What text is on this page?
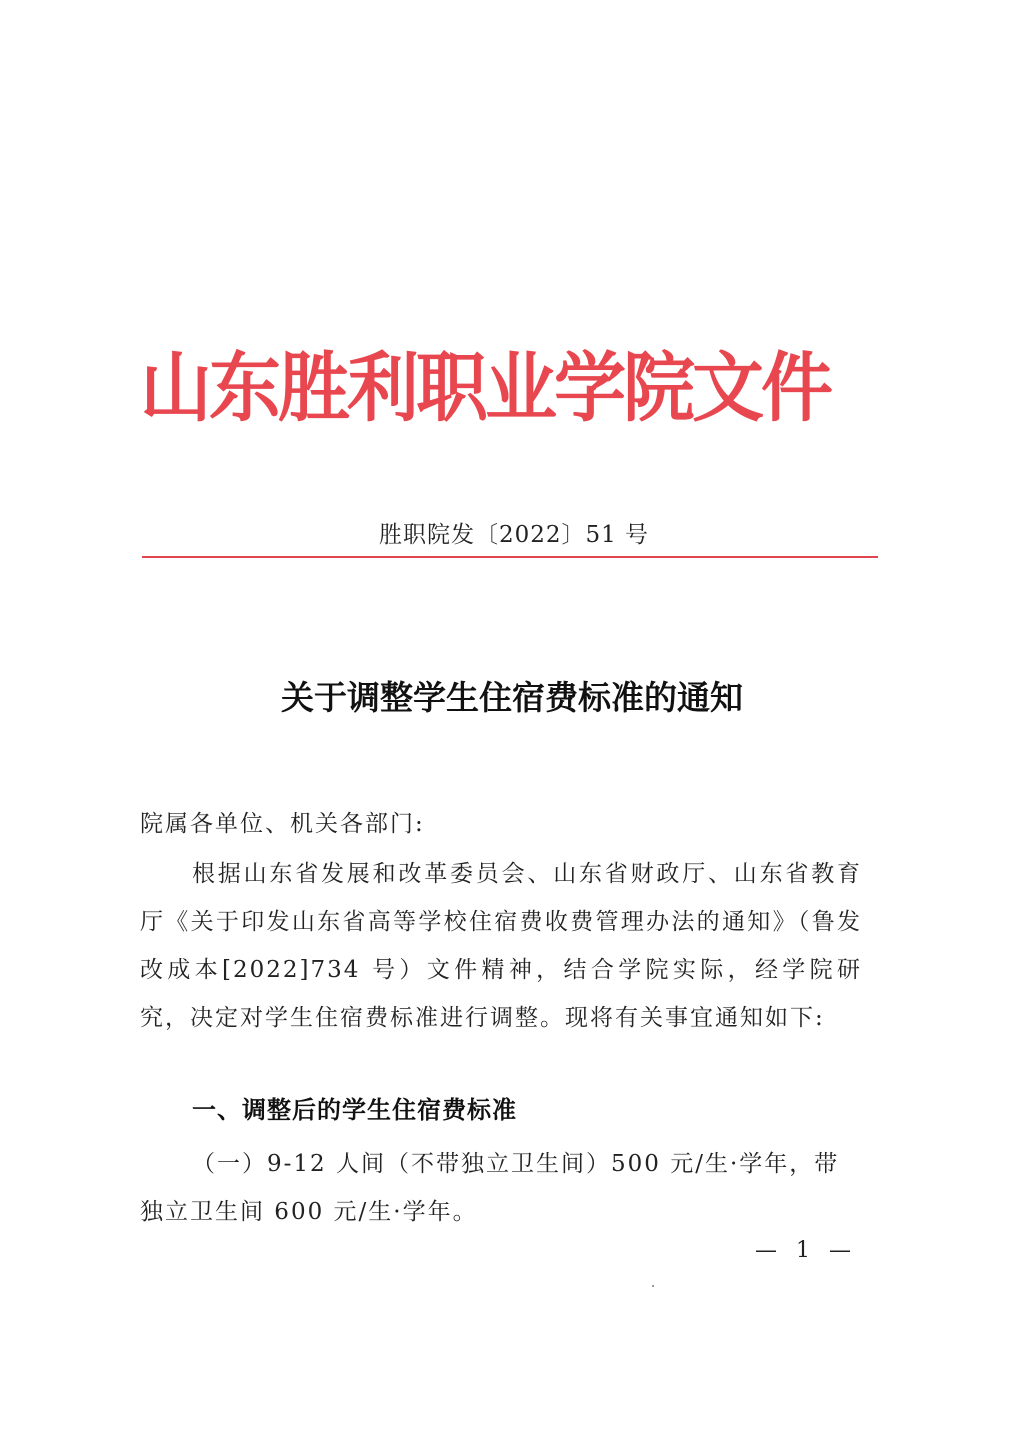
山东胜利职业学院文件
胜职院发〔2022〕51 号
关于调整学生住宿费标准的通知
院属各单位、机关各部门:
根据山东省发展和改革委员会、山东省财政厅、山东省教育厅《关于印发山东省高等学校住宿费收费管理办法的通知》（鲁发改成本[2022]734 号）文件精神，结合学院实际，经学院研究，决定对学生住宿费标准进行调整。现将有关事宜通知如下:
一、调整后的学生住宿费标准
（一）9-12 人间（不带独立卫生间）500 元/生·学年，带独立卫生间 600 元/生·学年。
— 1 —
